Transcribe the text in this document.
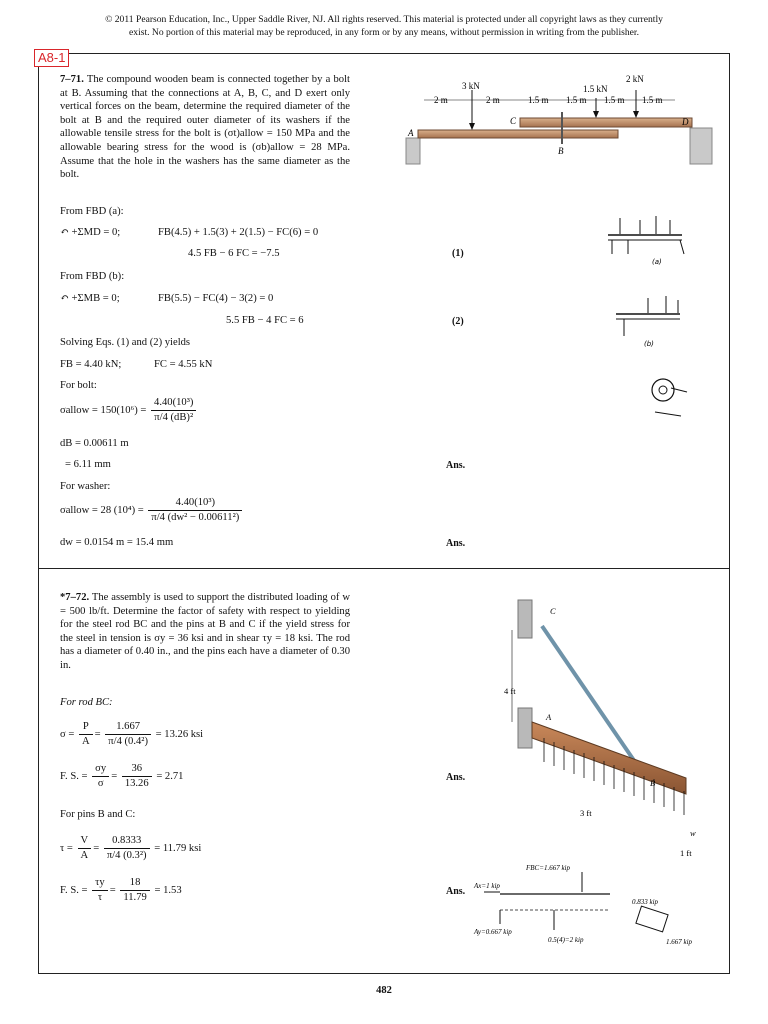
© 2011 Pearson Education, Inc., Upper Saddle River, NJ. All rights reserved. This material is protected under all copyright laws as they currently
exist. No portion of this material may be reproduced, in any form or by any means, without permission in writing from the publisher.
A8-1
7–71. The compound wooden beam is connected together by a bolt at B. Assuming that the connections at A, B, C, and D exert only vertical forces on the beam, determine the required diameter of the bolt at B and the required outer diameter of its washers if the allowable tensile stress for the bolt is (σt)allow = 150 MPa and the allowable bearing stress for the wood is (σb)allow = 28 MPa. Assume that the hole in the washers has the same diameter as the bolt.
3 kN	1.5 kN
2 kN
2 m	2 m	1.5 m 1.5 m 1.5 m 1.5 m
A
C
B
D
From FBD (a):
↶ +ΣMD = 0;	FB(4.5) + 1.5(3) + 2(1.5) − FC(6) = 0
4.5 FB − 6 FC = −7.5	(1)
From FBD (b):
↶ +ΣMB = 0;	FB(5.5) − FC(4) − 3(2) = 0
5.5 FB − 4 FC = 6	(2)
Solving Eqs. (1) and (2) yields
FB = 4.40 kN;	FC = 4.55 kN
For bolt:
σallow = $150(10^6) = \frac{\text{4.40(10³)}}{\text{π/4 (dB)²}}$
dB = 0.00611 m
= 6.11 mm	Ans.
For washer:
σallow = 28 $(10^4) = \frac{\text{4.40(10³)}}{\text{π/4 (dw² − 0.00611²)}}$
dw = 0.0154 m = 15.4 mm	Ans.
(a)
(b)
*7–72. The assembly is used to support the distributed loading of w = 500 lb/ft. Determine the factor of safety with respect to yielding for the steel rod BC and the pins at B and C if the yield stress for the steel in tension is σy = 36 ksi and in shear τy = 18 ksi. The rod has a diameter of 0.40 in., and the pins each have a diameter of 0.30 in.
For rod BC:
$\sigma = \frac{P}{A} = \frac{1.667}{\text{π/4 (0.4²)}} = 13.26$ ksi
F. S. = $\frac{\sigma y}{\sigma} = \frac{36}{13.26} = 2.71$	Ans.
For pins B and C:
$\tau = \frac{V}{A} = \frac{0.8333}{\text{π/4 (0.3²)}} = 11.79$ ksi
F. S. = $\frac{\tau y}{\tau} = \frac{18}{11.79} = 1.53$	Ans.
4 ft
3 ft
1 ft
C
A
B
w
FBC=1.667 kip
Ax=1 kip
Ay=0.667 kip
0.5(4)=2 kip
0.833 kip
1.667 kip
482
